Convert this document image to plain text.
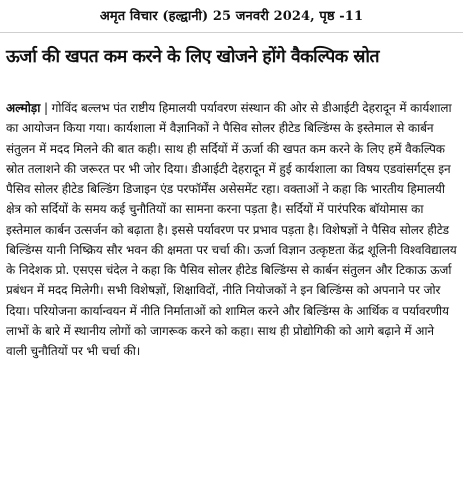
अमृत विचार (हल्द्वानी) 25 जनवरी 2024, पृष्ठ -11
ऊर्जा की खपत कम करने के लिए खोजने होंगे वैकल्पिक स्रोत
अल्मोड़ा | गोविंद बल्लभ पंत राष्टीय हिमालयी पर्यावरण संस्थान की ओर से डीआईटी देहरादून में कार्यशाला का आयोजन किया गया। कार्यशाला में वैज्ञानिकों ने पैसिव सोलर हीटेड बिल्डिंग्स के इस्तेमाल से कार्बन संतुलन में मदद मिलने की बात कही। साथ ही सर्दियों में ऊर्जा की खपत कम करने के लिए हमें वैकल्पिक स्रोत तलाशने की जरूरत पर भी जोर दिया। डीआईटी देहरादून में हुई कार्यशाला का विषय एडवांसर्गट्स इन पैसिव सोलर हीटेड बिल्डिंग डिजाइन एंड परफॉर्मेंस असेसमेंट रहा। वक्ताओं ने कहा कि भारतीय हिमालयी क्षेत्र को सर्दियों के समय कई चुनौतियों का सामना करना पड़ता है। सर्दियों में पारंपरिक बॉयोमास का इस्तेमाल कार्बन उत्सर्जन को बढ़ाता है। इससे पर्यावरण पर प्रभाव पड़ता है। विशेषज्ञों ने पैसिव सोलर हीटेड बिल्डिंग्स यानी निष्क्रिय सौर भवन की क्षमता पर चर्चा की। ऊर्जा विज्ञान उत्कृष्टता केंद्र शूलिनी विश्वविद्यालय के निदेशक प्रो. एसएस चंदेल ने कहा कि पैसिव सोलर हीटेड बिल्डिंग्स से कार्बन संतुलन और टिकाऊ ऊर्जा प्रबंधन में मदद मिलेगी। सभी विशेषज्ञों, शिक्षाविदों, नीति नियोजकों ने इन बिल्डिंग्स को अपनाने पर जोर दिया। परियोजना कार्यान्वयन में नीति निर्माताओं को शामिल करने और बिल्डिंग्स के आर्थिक व पर्यावरणीय लाभों के बारे में स्थानीय लोगों को जागरूक करने को कहा। साथ ही प्रोद्योगिकी को आगे बढ़ाने में आने वाली चुनौतियों पर भी चर्चा की।
